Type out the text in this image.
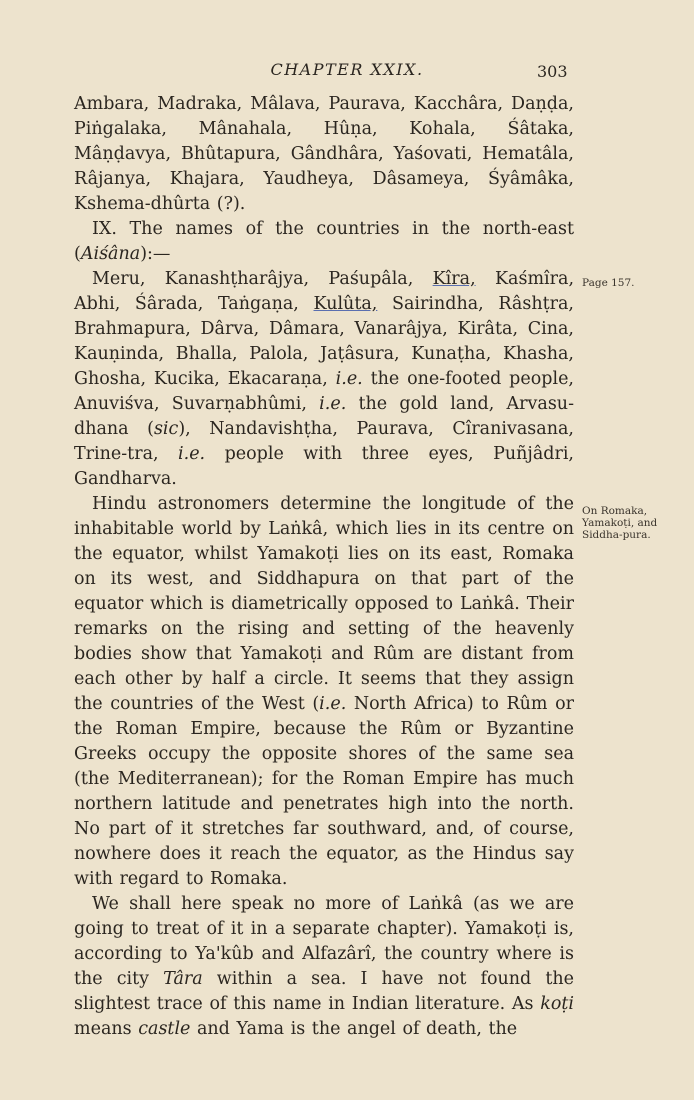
CHAPTER XXIX.	303

Ambara, Madraka, Mâlava, Paurava, Kacchâra, Daṇḍa, Piṅgalaka, Mânahala, Hûṇa, Kohala, Śâtaka, Mâṇḍavya, Bhûtapura, Gândhâra, Yaśovati, Hematâla, Râjanya, Khajara, Yaudheya, Dâsameya, Śyâmâka, Kshema-dhûrta (?).

IX. The names of the countries in the north-east (Aiśâna):—

Meru, Kanashṭharâjya, Paśupâla, Kîra, Kaśmîra, Abhi, Śârada, Taṅgaṇa, Kulûta, Sairindha, Râshṭra, Brahmapura, Dârva, Dâmara, Vanarâjya, Kirâta, Cina, Kauṇinda, Bhalla, Palola, Jaṭâsura, Kunaṭha, Khasha, Ghosha, Kucika, Ekacaraṇa, i.e. the one-footed people, Anuviśva, Suvarṇabhûmi, i.e. the gold land, Arvasu-dhana (sic), Nandavishṭha, Paurava, Cîranivasana, Trine-tra, i.e. people with three eyes, Puñjâdri, Gandharva.

Page 157.

Hindu astronomers determine the longitude of the inhabitable world by Laṅkâ, which lies in its centre on the equator, whilst Yamakoṭi lies on its east, Romaka on its west, and Siddhapura on that part of the equator which is diametrically opposed to Laṅkâ. Their remarks on the rising and setting of the heavenly bodies show that Yamakoṭi and Rûm are distant from each other by half a circle. It seems that they assign the countries of the West (i.e. North Africa) to Rûm or the Roman Empire, because the Rûm or Byzantine Greeks occupy the opposite shores of the same sea (the Mediterranean); for the Roman Empire has much northern latitude and penetrates high into the north. No part of it stretches far southward, and, of course, nowhere does it reach the equator, as the Hindus say with regard to Romaka.

We shall here speak no more of Laṅkâ (as we are going to treat of it in a separate chapter). Yamakoṭi is, according to Ya'kûb and Alfazârî, the country where is the city Târa within a sea. I have not found the slightest trace of this name in Indian literature. As koṭi means castle and Yama is the angel of death, the

On Romaka, Yamakoṭi, and Siddha-pura.
